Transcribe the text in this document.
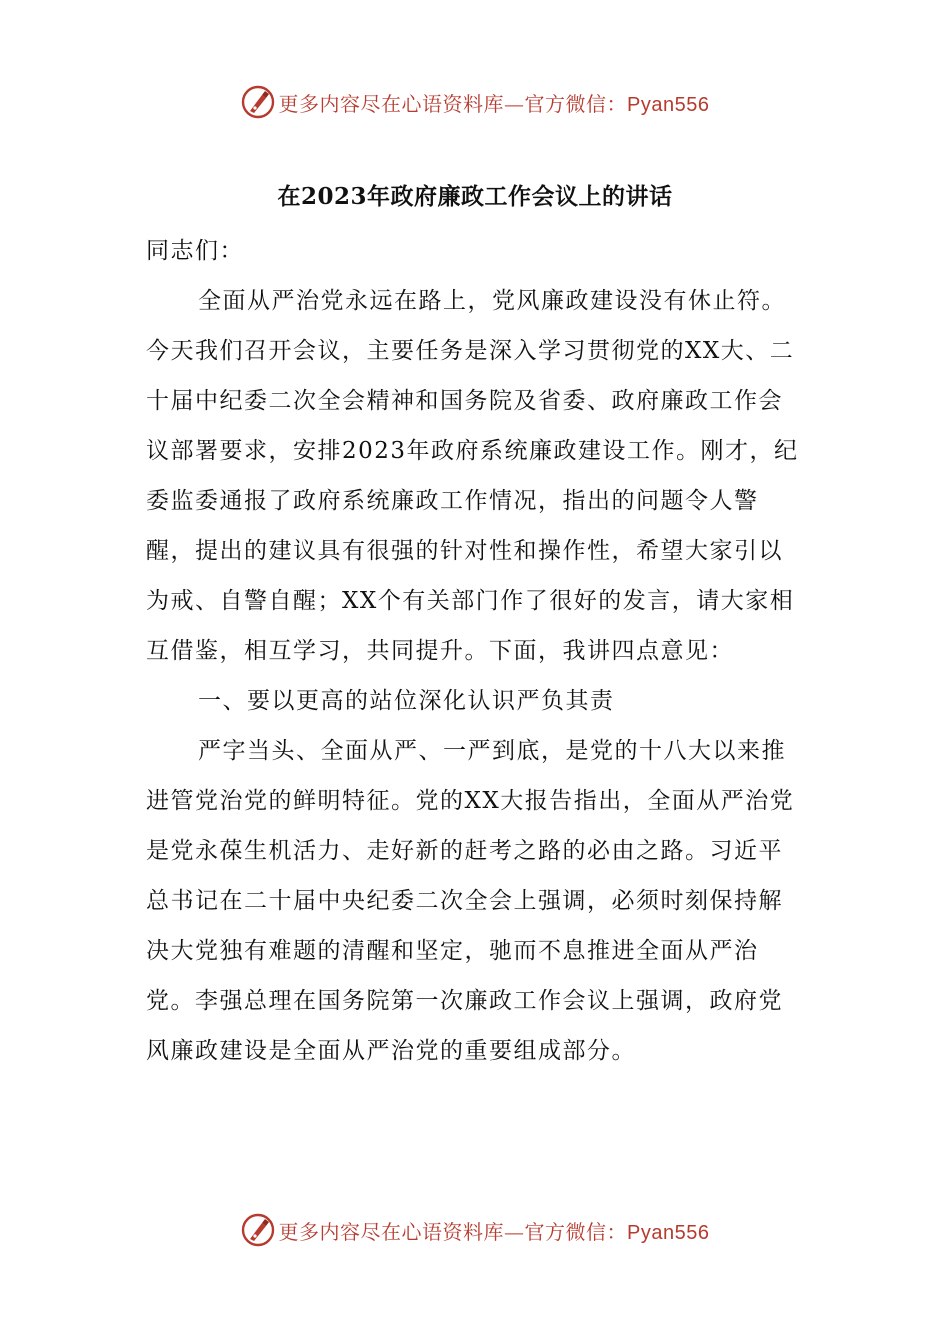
更多内容尽在心语资料库—官方微信：Pyan556
在2023年政府廉政工作会议上的讲话

同志们：

全面从严治党永远在路上，党风廉政建设没有休止符。今天我们召开会议，主要任务是深入学习贯彻党的XX大、二十届中纪委二次全会精神和国务院及省委、政府廉政工作会议部署要求，安排2023年政府系统廉政建设工作。刚才，纪委监委通报了政府系统廉政工作情况，指出的问题令人警醒，提出的建议具有很强的针对性和操作性，希望大家引以为戒、自警自醒；XX个有关部门作了很好的发言，请大家相互借鉴，相互学习，共同提升。下面，我讲四点意见：

一、要以更高的站位深化认识严负其责

严字当头、全面从严、一严到底，是党的十八大以来推进管党治党的鲜明特征。党的XX大报告指出，全面从严治党是党永葆生机活力、走好新的赶考之路的必由之路。习近平总书记在二十届中央纪委二次全会上强调，必须时刻保持解决大党独有难题的清醒和坚定，驰而不息推进全面从严治党。李强总理在国务院第一次廉政工作会议上强调，政府党风廉政建设是全面从严治党的重要组成部分。

更多内容尽在心语资料库—官方微信：Pyan556
